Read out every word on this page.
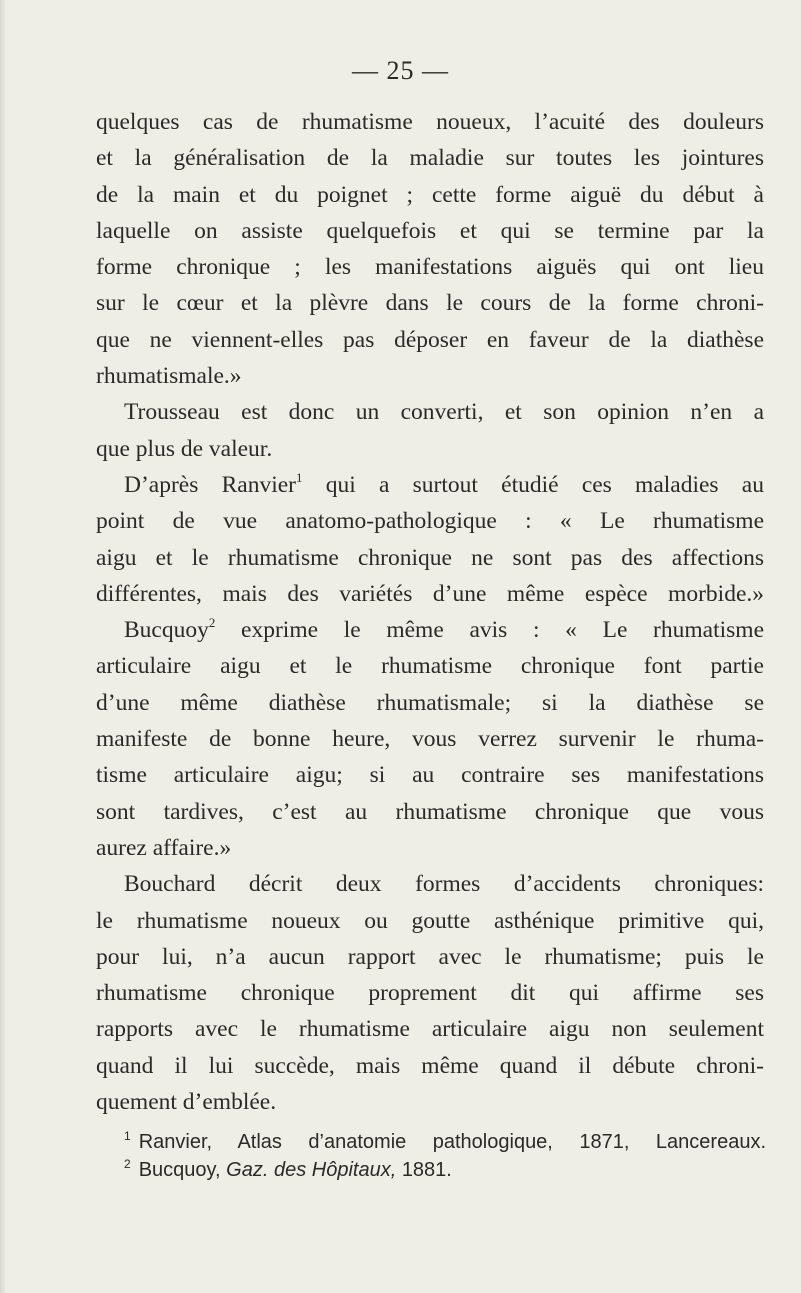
— 25 —
quelques cas de rhumatisme noueux, l’acuité des douleurs
et la généralisation de la maladie sur toutes les jointures
de la main et du poignet ; cette forme aiguë du début à
laquelle on assiste quelquefois et qui se termine par la
forme chronique ; les manifestations aiguës qui ont lieu
sur le cœur et la plèvre dans le cours de la forme chroni-
que ne viennent-elles pas déposer en faveur de la diathèse
rhumatismale.»
Trousseau est donc un converti, et son opinion n’en a
que plus de valeur.
D’après Ranvier$^1$ qui a surtout étudié ces maladies au
point de vue anatomo-pathologique : « Le rhumatisme
aigu et le rhumatisme chronique ne sont pas des affections
différentes, mais des variétés d’une même espèce morbide.»
Bucquoy$^2$ exprime le même avis : « Le rhumatisme
articulaire aigu et le rhumatisme chronique font partie
d’une même diathèse rhumatismale; si la diathèse se
manifeste de bonne heure, vous verrez survenir le rhuma-
tisme articulaire aigu; si au contraire ses manifestations
sont tardives, c’est au rhumatisme chronique que vous
aurez affaire.»
Bouchard décrit deux formes d’accidents chroniques:
le rhumatisme noueux ou goutte asthénique primitive qui,
pour lui, n’a aucun rapport avec le rhumatisme; puis le
rhumatisme chronique proprement dit qui affirme ses
rapports avec le rhumatisme articulaire aigu non seulement
quand il lui succède, mais même quand il débute chroni-
quement d’emblée.
$^1$ Ranvier, Atlas d’anatomie pathologique, 1871, Lancereaux.
$^2$ Bucquoy, Gaz. des Hôpitaux, 1881.
